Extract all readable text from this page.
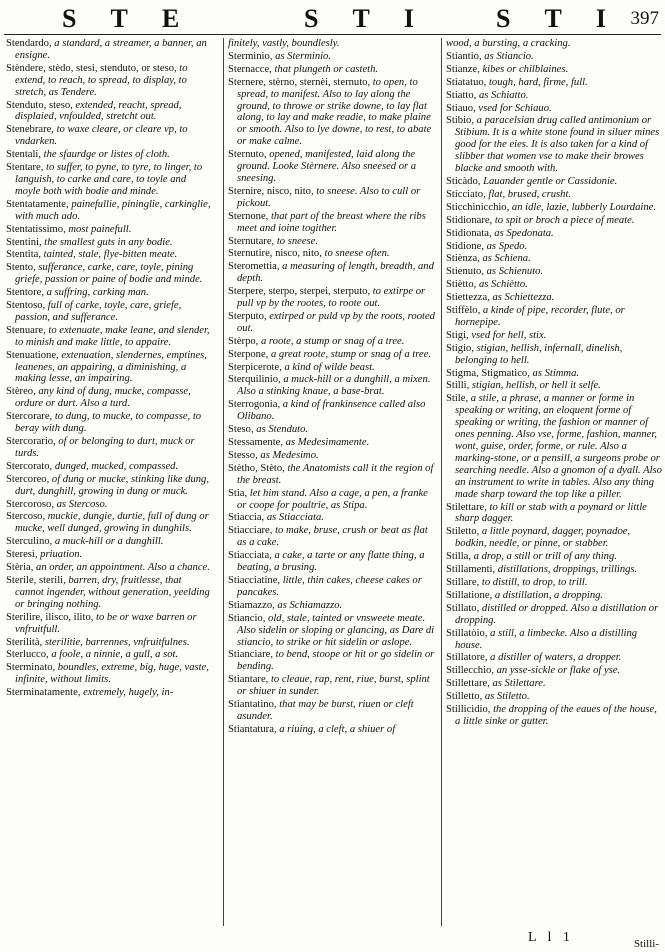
S T E	S T I	S T I 397
Stendardo, a standard, a streamer, a banner, an ensigne.
Stèndere, stèdo, stesi, stenduto, or steso, to extend, to reach, to spread, to display, to stretch, as Tendere.
Stenduto, steso, extended, reacht, spread, displaied, vnfoulded, stretcht out.
Stenebrare, to waxe cleare, or cleare vp, to vndarken.
Stentali, the sfaurdge or listes of cloth.
Stentare, to suffer, to pyne, to tyre, to linger, to languish, to carke and care, to toyle and moyle both with bodie and minde.
Stentatamente, painefullie, pininglie, carkinglie, with much ado.
Stentatissimo, most painefull.
Stentini, the smallest guts in any bodie.
Stentita, tainted, stale, flye-bitten meate.
Stento, sufferance, carke, care, toyle, pining griefe, passion or paine of bodie and minde.
Stentore, a suffring, carking man.
Stentoso, full of carke, toyle, care, griefe, passion, and sufferance.
Stenuare, to extenuate, make leane, and slender, to minish and make little, to appaire.
Stenuatione, extenuation, slendernes, emptines, leanenes, an appairing, a diminishing, a making lesse, an impairing.
Stèreo, any kind of dung, mucke, compasse, ordure or durt. Also a turd.
Stercorare, to dung, to mucke, to compasse, to beray with dung.
Stercorario, of or belonging to durt, muck or turds.
Stercorato, dunged, mucked, compassed.
Stercoreo, of dung or mucke, stinking like dung, durt, dunghill, growing in dung or muck.
Stercoroso, as Stercoso.
Stercoso, muckie, dungie, durtie, full of dung or mucke, well dunged, growing in dunghils.
Sterculino, a muck-hill or a dunghill.
Steresi, priuation.
Stèria, an order, an appointment. Also a chance.
Sterile, sterili, barren, dry, fruitlesse, that cannot ingender, without generation, yeelding or bringing nothing.
Sterilire, ilisco, ilito, to be or waxe barren or vnfruitfull.
Sterilità, sterilitie, barrennes, vnfruitfulnes.
Sterlucco, a foole, a ninnie, a gull, a sot.
Sterminato, boundles, extreme, big, huge, vaste, infinite, without limits.
Sterminatamente, extremely, hugely, in-
finitely, vastly, boundlesly.
Sterminio, as Sterminio.
Sternacce, that plungeth or casteth.
Sternere, stèrno, sternèi, sternuto, to open, to spread, to manifest. Also to lay along the ground, to throwe or strike downe, to lay flat along, to lay and make readie, to make plaine or smooth. Also to lye downe, to rest, to abate or make calme.
Sternuto, opened, manifested, laid along the ground. Looke Stèrnere. Also sneesed or a sneesing.
Sternire, nisco, nito, to sneese. Also to cull or pickout.
Sternone, that part of the breast where the ribs meet and ioine togither.
Sternutare, to sneese.
Sternutire, nisco, nito, to sneese often.
Steromettia, a measuring of length, breadth, and depth.
Sterpere, sterpo, sterpei, sterputo, to extirpe or pull vp by the rootes, to roote out.
Sterputo, extirped or puld vp by the roots, rooted out.
Stèrpo, a roote, a stump or snag of a tree.
Sterpone, a great roote, stump or snag of a tree.
Sterpicerote, a kind of wilde beast.
Sterquilinio, a muck-hill or a dunghill, a mixen. Also a stinking knaue, a base-brat.
Sterrogonia, a kind of frankinsence called also Olibano.
Steso, as Stenduto.
Stessamente, as Medesimamente.
Stesso, as Medesimo.
Stètho, Stèto, the Anatomists call it the region of the breast.
Stia, let him stand. Also a cage, a pen, a franke or coope for poultrie, as Stipa.
Stiaccia, as Stiacciata.
Stiacciare, to make, bruse, crush or beat as flat as a cake.
Stiacciata, a cake, a tarte or any flatte thing, a beating, a brusing.
Stiacciatine, little, thin cakes, cheese cakes or pancakes.
Stiamazzo, as Schiamazzo.
Stiancio, old, stale, tainted or vnsweete meate. Also sidelin or sloping or glancing, as Dare di stiancio, to strike or hit sidelin or aslope.
Stianciare, to bend, stoope or hit or go sidelin or bending.
Stiantare, to cleaue, rap, rent, riue, burst, splint or shiuer in sunder.
Stiantatino, that may be burst, riuen or cleft asunder.
Stiantatura, a riuing, a cleft, a shiuer of
wood, a bursting, a cracking.
Stiantio, as Stiancio.
Stianze, kibes or chilblaines.
Stiatatuo, tough, hard, firme, full.
Stiatto, as Schiatto.
Stiauo, vsed for Schiauo.
Stibio, a paracelsian drug called antimonium or Stibium. It is a white stone found in siluer mines good for the eies. It is also taken for a kind of slibber that women vse to make their browes blacke and smooth with.
Sticàdo, Lauander gentle or Cassidonie.
Sticciato, flat, brused, crusht.
Sticchinicchio, an idle, lazie, lubberly Lourdaine.
Stidionare, to spit or broch a piece of meate.
Stidionata, as Spedonata.
Stidione, as Spedo.
Stiènza, as Schiena.
Stienuto, as Schienuto.
Stiètto, as Schiètto.
Stiettezza, as Schiettezza.
Stiffèlo, a kinde of pipe, recorder, flute, or hornepipe.
Stigi, vsed for hell, stix.
Stigio, stigian, hellish, infernall, dinelish, belonging to hell.
Stigma, Stigmatico, as Stimma.
Stilli, stigian, hellish, or hell it selfe.
Stile, a stile, a phrase, a manner or forme in speaking or writing, an eloquent forme of speaking or writing, the fashion or manner of ones penning. Also vse, forme, fashion, manner, wont, guise, order, forme, or rule. Also a marking-stone, or a pensill, a surgeons probe or searching needle. Also a gnomon of a dyall. Also an instrument to write in tables. Also any thing made sharp toward the top like a piller.
Stilettare, to kill or stab with a poynard or little sharp dagger.
Stiletto, a little poynard, dagger, poynadoe, bodkin, needle, or pinne, or stabber.
Stilla, a drop, a still or trill of any thing.
Stillamenti, distillations, droppings, trillings.
Stillare, to distill, to drop, to trill.
Stillatione, a distillation, a dropping.
Stillato, distilled or dropped. Also a distillation or dropping.
Stillatòio, a still, a limbecke. Also a distilling house.
Stillatore, a distiller of waters, a dropper.
Stillecchio, an ysse-sickle or flake of yse.
Stillettare, as Stilettare.
Stilletto, as Stiletto.
Stillicidio, the dropping of the eaues of the house, a little sinke or gutter.
L l 1	Stilli-
